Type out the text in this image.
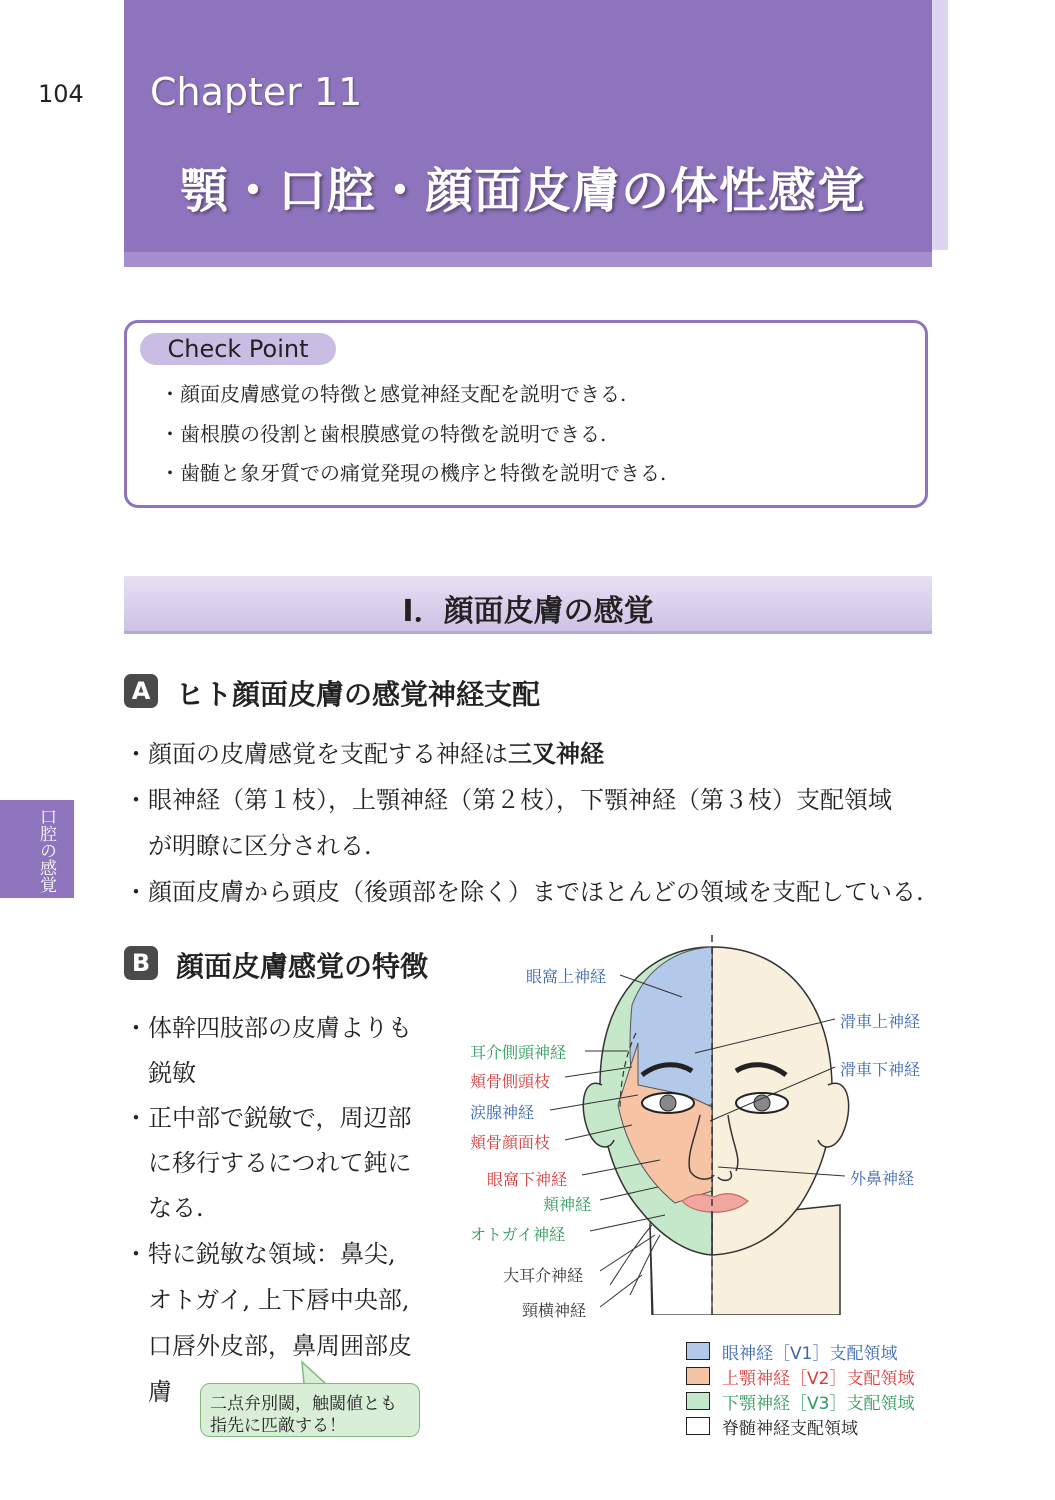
104 Chapter 11
顎・口腔・顔面皮膚の体性感覚
Check Point
・顔面皮膚感覚の特徴と感覚神経支配を説明できる.
・歯根膜の役割と歯根膜感覚の特徴を説明できる.
・歯髄と象牙質での痛覚発現の機序と特徴を説明できる.
Ⅰ．顔面皮膚の感覚
口腔の感覚
A ヒト顔面皮膚の感覚神経支配
・顔面の皮膚感覚を支配する神経は三叉神経
・眼神経（第１枝），上顎神経（第２枝），下顎神経（第３枝）支配領域
が明瞭に区分される.
・顔面皮膚から頭皮（後頭部を除く）までほとんどの領域を支配している.
B 顔面皮膚感覚の特徴
・体幹四肢部の皮膚よりも
鋭敏
・正中部で鋭敏で，周辺部
に移行するにつれて鈍に
なる.
・特に鋭敏な領域：鼻尖,
オトガイ, 上下唇中央部,
口唇外皮部，鼻周囲部皮
膚 二点弁別閾，触閾値とも
指先に匹敵する！
眼窩上神経
耳介側頭神経
頬骨側頭枝
涙腺神経
頬骨顔面枝
眼窩下神経
頬神経
オトガイ神経
大耳介神経
頸横神経
滑車上神経
滑車下神経
外鼻神経
眼神経［V1］支配領域
上顎神経［V2］支配領域
下顎神経［V3］支配領域
脊髄神経支配領域
